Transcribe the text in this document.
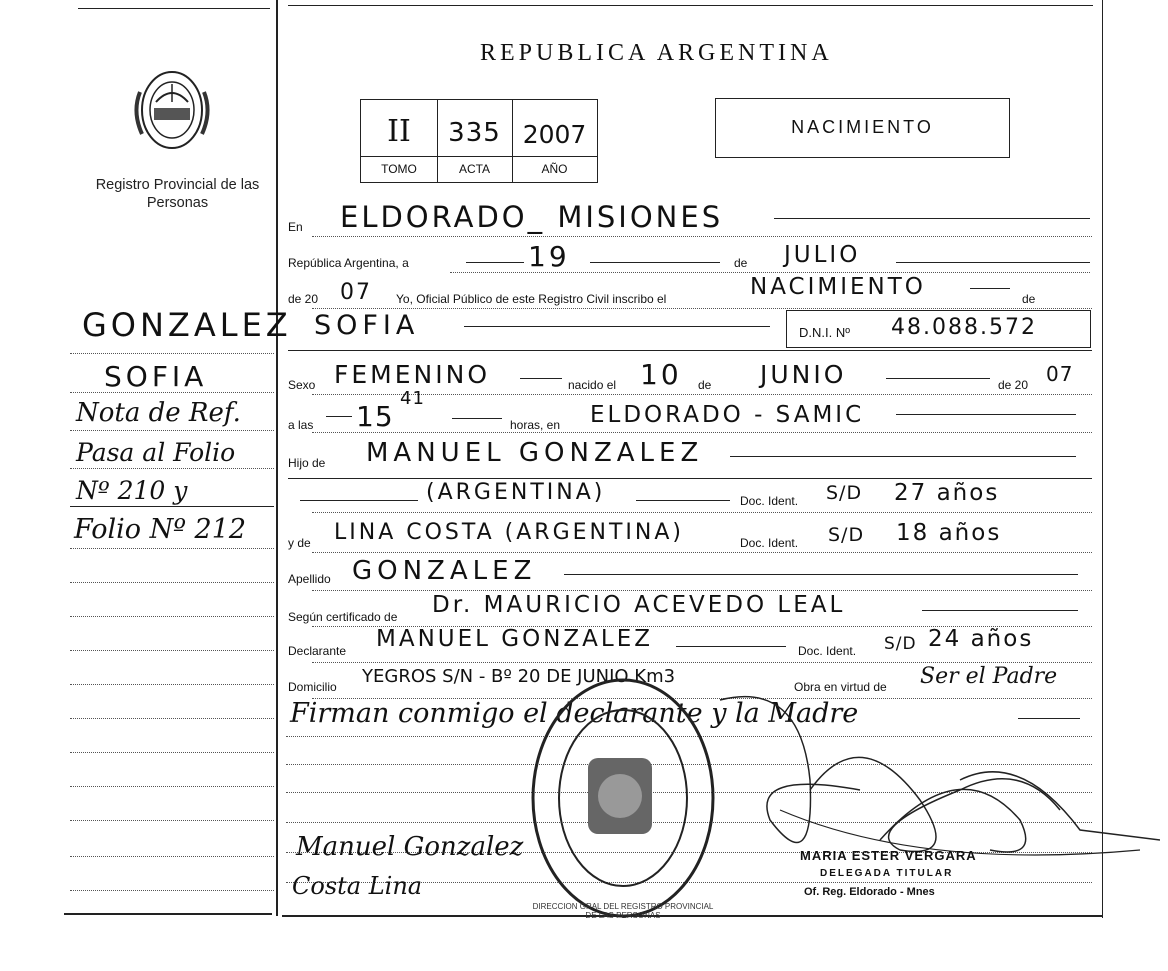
Registro Provincial de las Personas
GONZALEZ
SOFIA
Nota de Ref.
Pasa al Folio
Nº 210 y
Folio Nº 212
REPUBLICA ARGENTINA
II	335 2007
TOMO	ACTA	AÑO
NACIMIENTO
En ELDORADO_ MISIONES
República Argentina, a	19	de JULIO
de 20 07 Yo, Oficial Público de este Registro Civil inscribo el	NACIMIENTO	de
SOFIA	D.N.I. Nº 48.088.572
Sexo FEMENINO	nacido el 10 de JUNIO	de 20 07
a las 15
41
horas, en ELDORADO - SAMIC
Hijo de MANUEL GONZALEZ
(ARGENTINA)	Doc. Ident. S/D 27 años
y de LINA COSTA (ARGENTINA)	Doc. Ident. S/D 18 años
Apellido GONZALEZ
Según certificado de Dr. MAURICIO ACEVEDO LEAL
Declarante MANUEL GONZALEZ	Doc. Ident. S/D 24 años
Domicilio YEGROS S/N - Bº 20 DE JUNIO Km3	Obra en virtud de Ser el Padre
Firman conmigo el declarante y la Madre
DIRECCION GRAL DEL REGISTRO PROVINCIAL DE LAS PERSONAS
Manuel Gonzalez
Costa Lina
MARIA ESTER VERGARA
DELEGADA TITULAR
Of. Reg. Eldorado - Mnes
